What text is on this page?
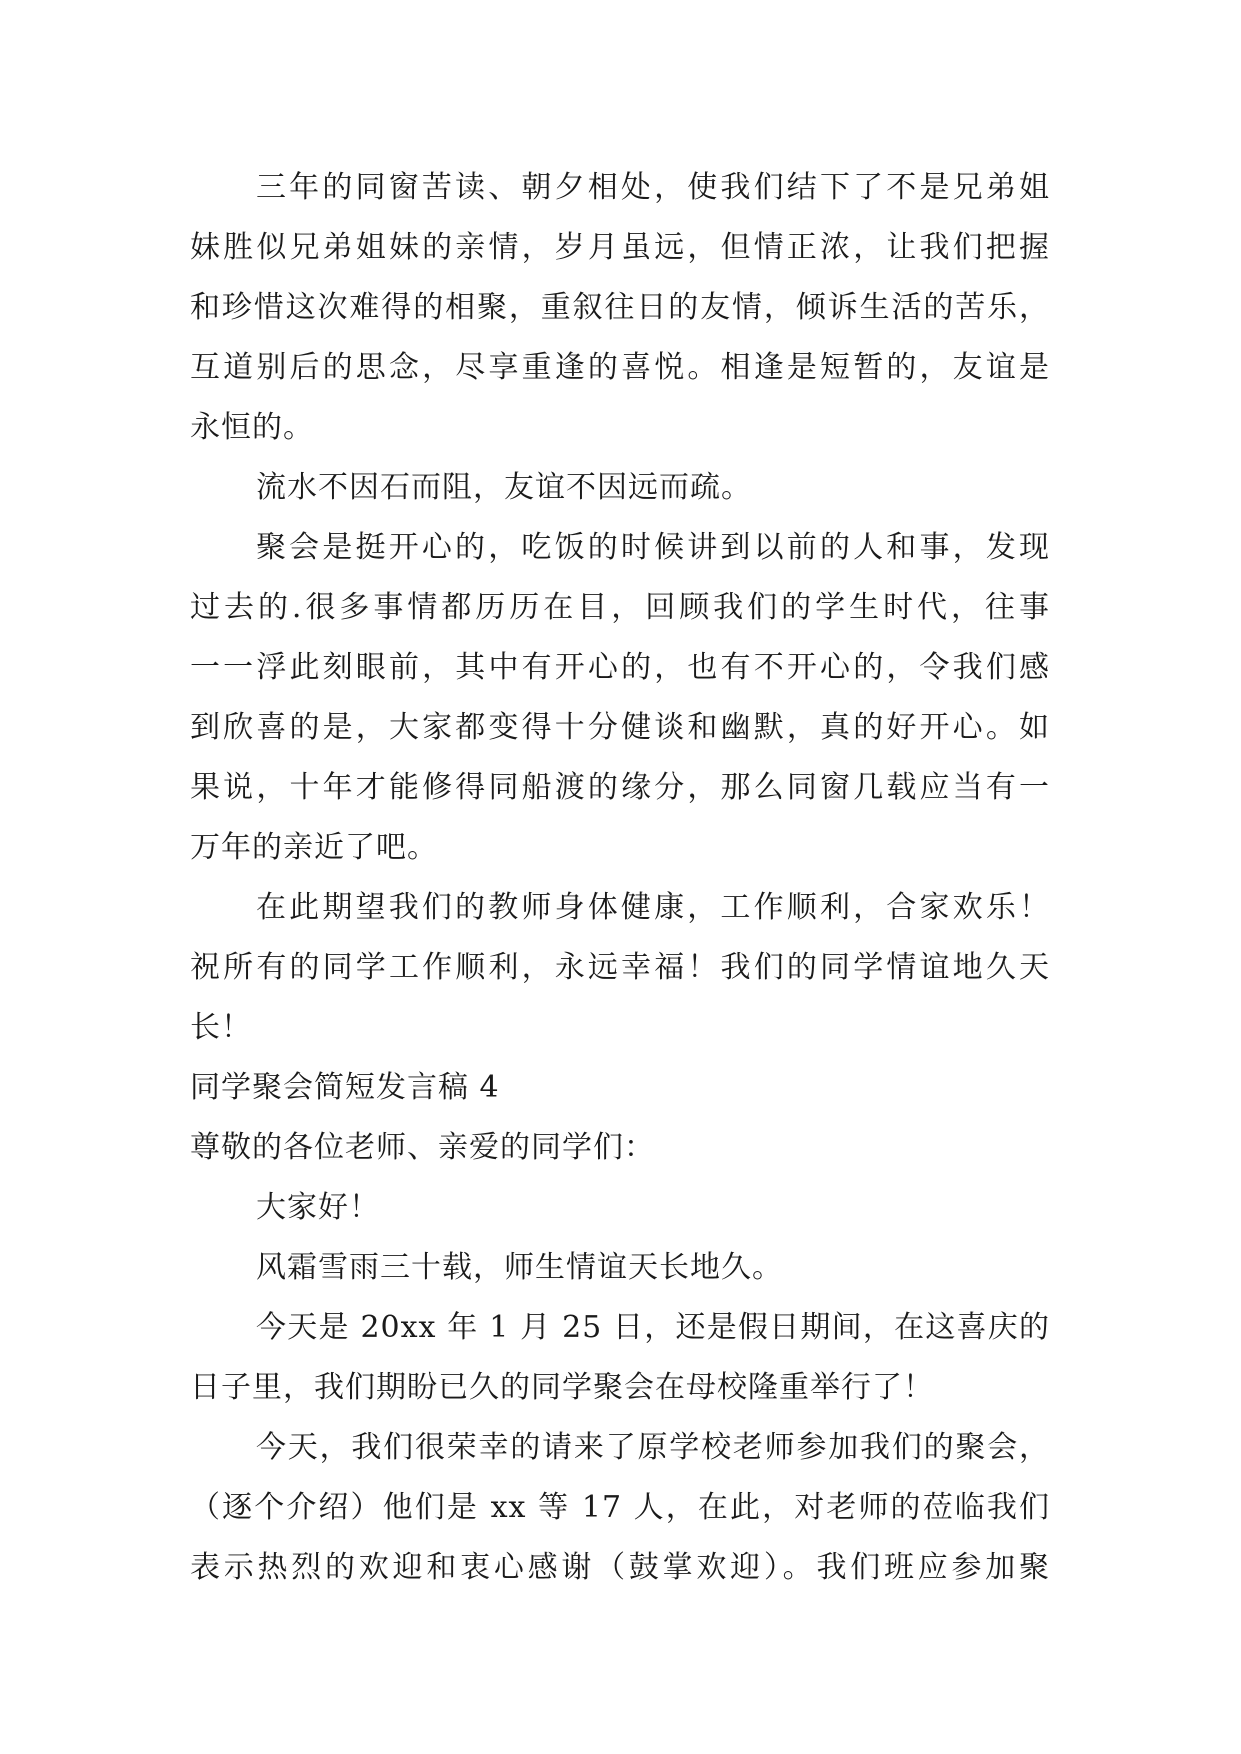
三年的同窗苦读、朝夕相处，使我们结下了不是兄弟姐
妹胜似兄弟姐妹的亲情，岁月虽远，但情正浓，让我们把握
和珍惜这次难得的相聚，重叙往日的友情，倾诉生活的苦乐，
互道别后的思念，尽享重逢的喜悦。相逢是短暂的，友谊是
永恒的。
流水不因石而阻，友谊不因远而疏。
聚会是挺开心的，吃饭的时候讲到以前的人和事，发现
过去的.很多事情都历历在目，回顾我们的学生时代，往事
一一浮此刻眼前，其中有开心的，也有不开心的，令我们感
到欣喜的是，大家都变得十分健谈和幽默，真的好开心。如
果说，十年才能修得同船渡的缘分，那么同窗几载应当有一
万年的亲近了吧。
在此期望我们的教师身体健康，工作顺利，合家欢乐！
祝所有的同学工作顺利，永远幸福！我们的同学情谊地久天
长！
同学聚会简短发言稿 4
尊敬的各位老师、亲爱的同学们：
大家好！
风霜雪雨三十载，师生情谊天长地久。
今天是 20xx 年 1 月 25 日，还是假日期间，在这喜庆的
日子里，我们期盼已久的同学聚会在母校隆重举行了！
今天，我们很荣幸的请来了原学校老师参加我们的聚会，
（逐个介绍）他们是 xx 等 17 人，在此，对老师的莅临我们
表示热烈的欢迎和衷心感谢（鼓掌欢迎）。我们班应参加聚
